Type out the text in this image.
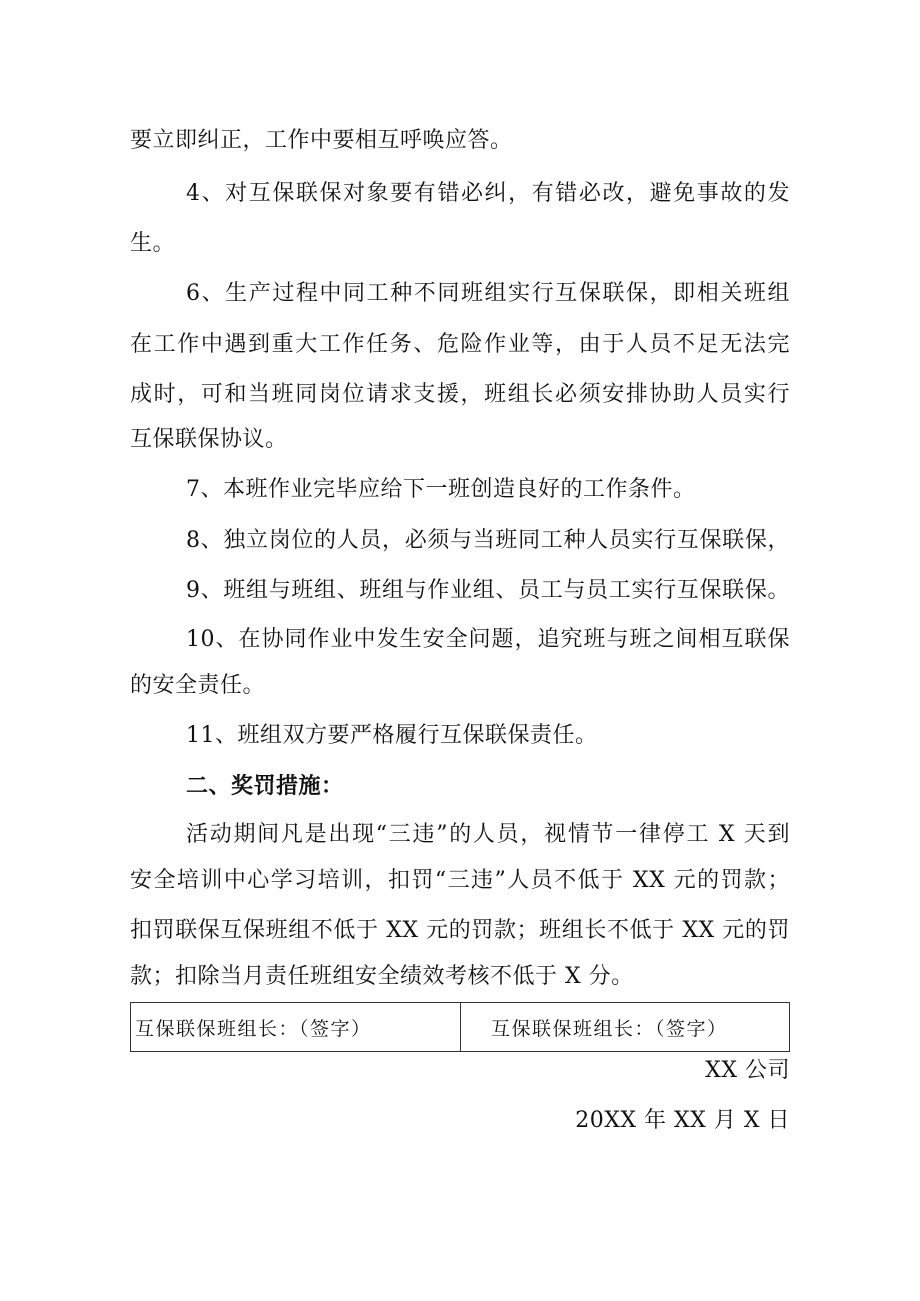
要立即纠正，工作中要相互呼唤应答。
4、对互保联保对象要有错必纠，有错必改，避免事故的发
生。
6、生产过程中同工种不同班组实行互保联保，即相关班组
在工作中遇到重大工作任务、危险作业等，由于人员不足无法完
成时，可和当班同岗位请求支援，班组长必须安排协助人员实行
互保联保协议。
7、本班作业完毕应给下一班创造良好的工作条件。
8、独立岗位的人员，必须与当班同工种人员实行互保联保，
9、班组与班组、班组与作业组、员工与员工实行互保联保。
10、在协同作业中发生安全问题，追究班与班之间相互联保
的安全责任。
11、班组双方要严格履行互保联保责任。
二、奖罚措施：
活动期间凡是出现“三违”的人员，视情节一律停工 X 天到
安全培训中心学习培训，扣罚“三违”人员不低于 XX 元的罚款；
扣罚联保互保班组不低于 XX 元的罚款；班组长不低于 XX 元的罚
款；扣除当月责任班组安全绩效考核不低于 X 分。
互保联保班组长：（签字）	互保联保班组长：（签字）
XX 公司
20XX 年 XX 月 X 日
